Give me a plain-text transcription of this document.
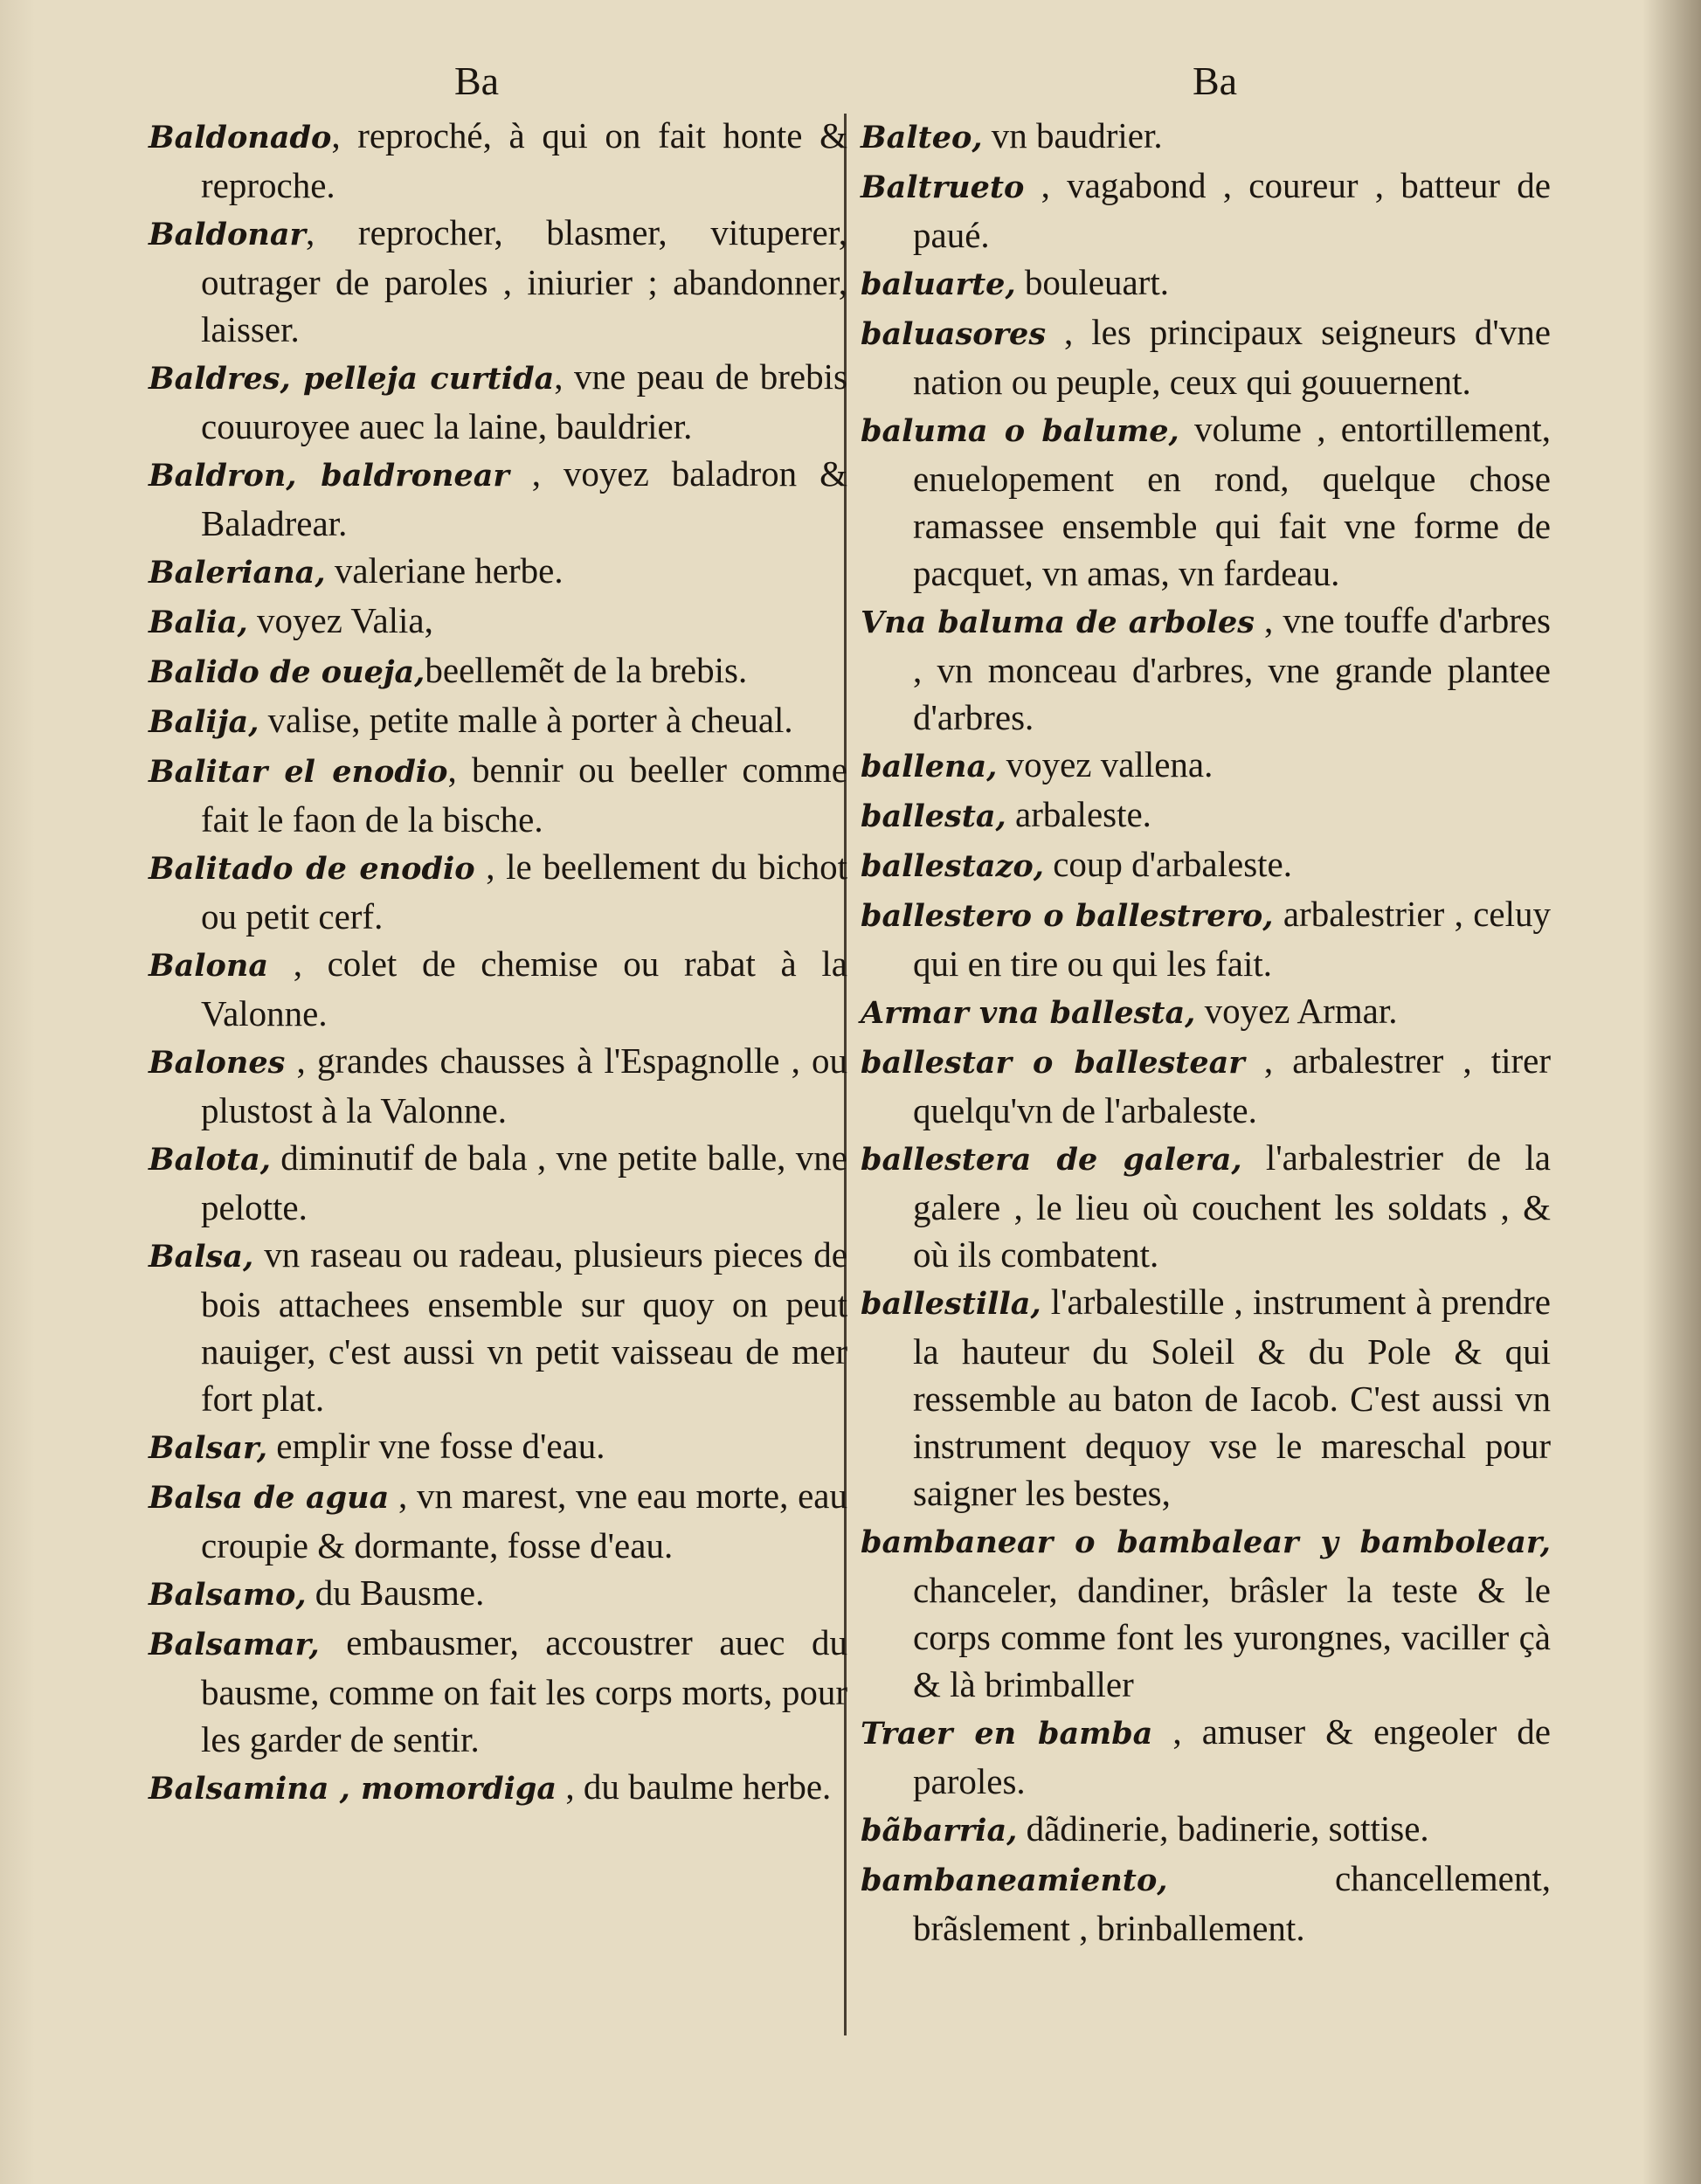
Ba	Ba
Baldonado, reproché, à qui on fait honte & reproche.
Baldonar, reprocher, blasmer, vituperer, outrager de paroles , iniurier ; abandonner, laisser.
Baldres, pelleja curtida, vne peau de brebis couuroyee auec la laine, bauldrier.
Baldron, baldronear , voyez baladron & Baladrear.
Baleriana, valeriane herbe.
Balia, voyez Valia,
Balido de oueja,beellemẽt de la brebis.
Balija, valise, petite malle à porter à cheual.
Balitar el enodio, bennir ou beeller comme fait le faon de la bische.
Balitado de enodio , le beellement du bichot ou petit cerf.
Balona , colet de chemise ou rabat à la Valonne.
Balones , grandes chausses à l'Espagnolle , ou plustost à la Valonne.
Balota, diminutif de bala , vne petite balle, vne pelotte.
Balsa, vn raseau ou radeau, plusieurs pieces de bois attachees ensemble sur quoy on peut nauiger, c'est aussi vn petit vaisseau de mer fort plat.
Balsar, emplir vne fosse d'eau.
Balsa de agua , vn marest, vne eau morte, eau croupie & dormante, fosse d'eau.
Balsamo, du Bausme.
Balsamar, embausmer, accoustrer auec du bausme, comme on fait les corps morts, pour les garder de sentir.
Balsamina , momordiga , du baulme herbe.
Balteo, vn baudrier.
Baltrueto , vagabond , coureur , batteur de paué.
baluarte, bouleuart.
baluasores , les principaux seigneurs d'vne nation ou peuple, ceux qui gouuernent.
baluma o balume, volume , entortillement, enuelopement en rond, quelque chose ramassee ensemble qui fait vne forme de pacquet, vn amas, vn fardeau.
Vna baluma de arboles , vne touffe d'arbres , vn monceau d'arbres, vne grande plantee d'arbres.
ballena, voyez vallena.
ballesta, arbaleste.
ballestazo, coup d'arbaleste.
ballestero o ballestrero, arbalestrier , celuy qui en tire ou qui les fait.
Armar vna ballesta, voyez Armar.
ballestar o ballestear , arbalestrer , tirer quelqu'vn de l'arbaleste.
ballestera de galera, l'arbalestrier de la galere , le lieu où couchent les soldats , & où ils combatent.
ballestilla, l'arbalestille , instrument à prendre la hauteur du Soleil & du Pole & qui ressemble au baton de Iacob. C'est aussi vn instrument dequoy vse le mareschal pour saigner les bestes,
bambanear o bambalear y bambolear, chanceler, dandiner, brâsler la teste & le corps comme font les yurongnes, vaciller çà & là brimballer
Traer en bamba , amuser & engeoler de paroles.
bãbarria, dãdinerie, badinerie, sottise.
bambaneamiento, chancellement, brãslement , brinballement.
